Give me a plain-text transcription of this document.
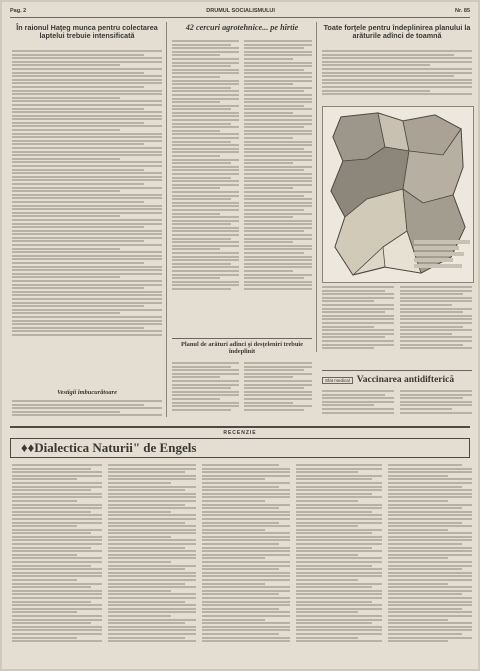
Pag. 2	DRUMUL SOCIALISMULUI	Nr. 85
În raionul Haţeg munca pentru colectarea laptelui trebuie intensificată
42 cercuri agrotehnice... pe hîrtie	Toate forţele pentru îndeplinirea planului la arăturile adînci de toamnă
Planul de arături adînci şi desţeleniri trebuie îndeplinit
Sfat medical Vaccinarea antidifterică
Vestigii îmbucurătoare
RECENZIE
♦♦Dialectica Naturii" de Engels
